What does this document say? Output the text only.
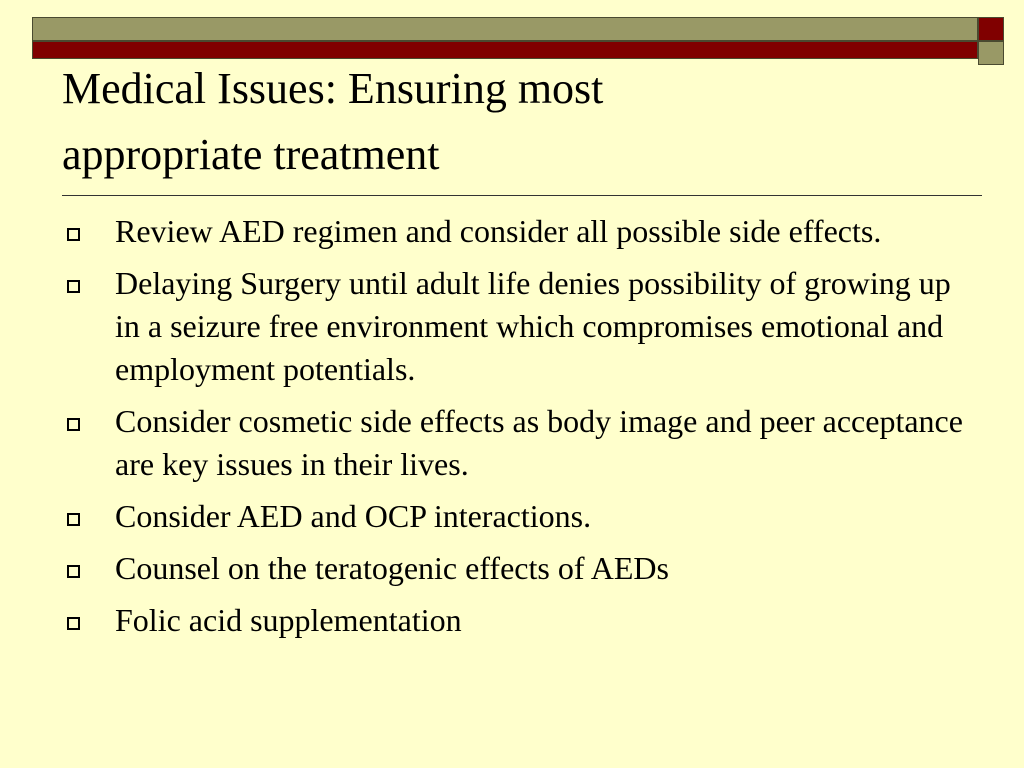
Medical Issues: Ensuring most
appropriate treatment
Review AED regimen and consider all possible side effects.
Delaying Surgery until adult life denies possibility of growing up in a seizure free environment which compromises emotional and employment potentials.
Consider cosmetic side effects as body image and peer acceptance are key issues in their lives.
Consider AED and OCP interactions.
Counsel on the teratogenic effects of AEDs
Folic acid supplementation
